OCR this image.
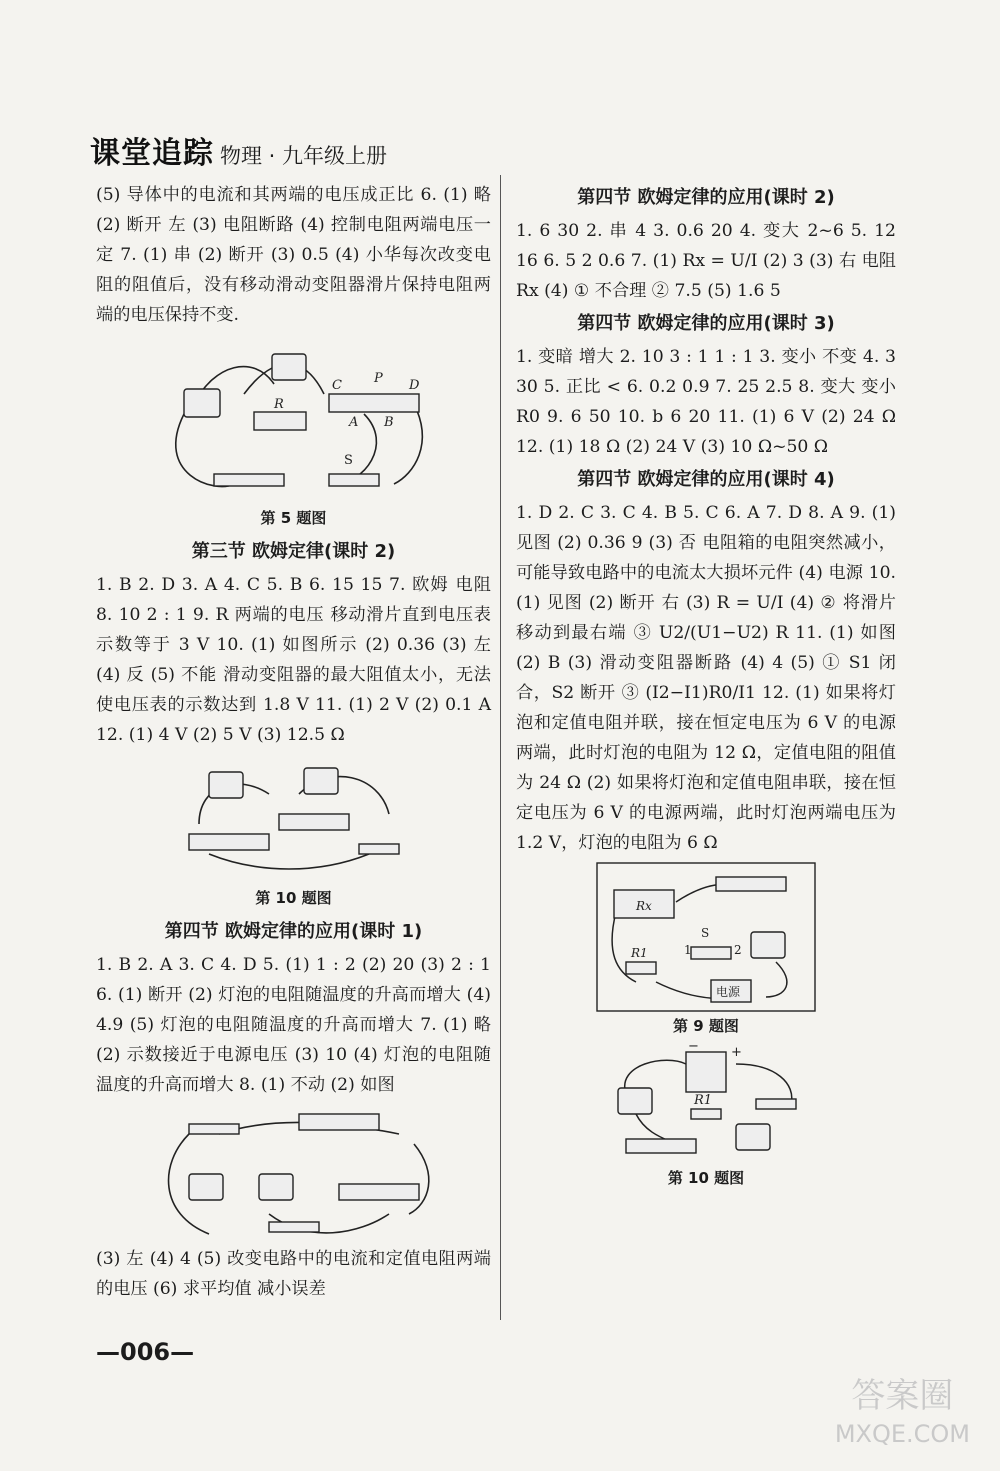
课堂追踪 物理 · 九年级上册

(5) 导体中的电流和其两端的电压成正比 6. (1) 略 (2) 断开 左 (3) 电阻断路 (4) 控制电阻两端电压一定 7. (1) 串 (2) 断开 (3) 0.5 (4) 小华每次改变电阻的阻值后，没有移动滑动变阻器滑片保持电阻两端的电压保持不变.

R
C P D
A B
S
第 5 题图
第三节 欧姆定律(课时 2)

1. B 2. D 3. A 4. C 5. B 6. 15 15 7. 欧姆 电阻 8. 10 2 : 1 9. R 两端的电压 移动滑片直到电压表示数等于 3 V 10. (1) 如图所示 (2) 0.36 (3) 左 (4) 反 (5) 不能 滑动变阻器的最大阻值太小，无法使电压表的示数达到 1.8 V 11. (1) 2 V (2) 0.1 A 12. (1) 4 V (2) 5 V (3) 12.5 Ω

第 10 题图
第四节 欧姆定律的应用(课时 1)

1. B 2. A 3. C 4. D 5. (1) 1 : 2 (2) 20 (3) 2 : 1 6. (1) 断开 (2) 灯泡的电阻随温度的升高而增大 (4) 4.9 (5) 灯泡的电阻随温度的升高而增大 7. (1) 略 (2) 示数接近于电源电压 (3) 10 (4) 灯泡的电阻随温度的升高而增大 8. (1) 不动 (2) 如图

(3) 左 (4) 4 (5) 改变电路中的电流和定值电阻两端的电压 (6) 求平均值 减小误差

第四节 欧姆定律的应用(课时 2)

1. 6 30 2. 串 4 3. 0.6 20 4. 变大 2~6 5. 12 16 6. 5 2 0.6 7. (1) Rx = U/I (2) 3 (3) 右 电阻 Rx (4) ① 不合理 ② 7.5 (5) 1.6 5

第四节 欧姆定律的应用(课时 3)

1. 变暗 增大 2. 10 3 : 1 1 : 1 3. 变小 不变 4. 3 30 5. 正比 < 6. 0.2 0.9 7. 25 2.5 8. 变大 变小 R0 9. 6 50 10. b 6 20 11. (1) 6 V (2) 24 Ω 12. (1) 18 Ω (2) 24 V (3) 10 Ω~50 Ω

第四节 欧姆定律的应用(课时 4)

1. D 2. C 3. C 4. B 5. C 6. A 7. D 8. A 9. (1) 见图 (2) 0.36 9 (3) 否 电阻箱的电阻突然减小，可能导致电路中的电流太大损坏元件 (4) 电源 10. (1) 见图 (2) 断开 右 (3) R = U/I (4) ② 将滑片移动到最右端 ③ U2/(U1−U2) R 11. (1) 如图 (2) B (3) 滑动变阻器断路 (4) 4 (5) ① S1 闭合，S2 断开 ③ (I2−I1)R0/I1 12. (1) 如果将灯泡和定值电阻并联，接在恒定电压为 6 V 的电源两端，此时灯泡的电阻为 12 Ω，定值电阻的阻值为 24 Ω (2) 如果将灯泡和定值电阻串联，接在恒定电压为 6 V 的电源两端，此时灯泡两端电压为 1.2 V，灯泡的电阻为 6 Ω

Rx
S
1	2
R1
电源
第 9 题图
− +
R1
第 10 题图
—006—
答案圈
MXQE.COM
